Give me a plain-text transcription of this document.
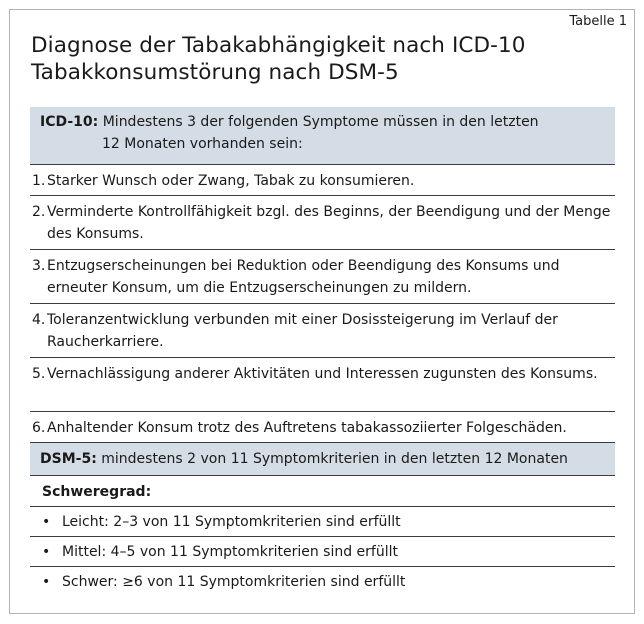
Tabelle 1
Diagnose der Tabakabhängigkeit nach ICD-10
Tabakkonsumstörung nach DSM-5
ICD-10: Mindestens 3 der folgenden Symptome müssen in den letzten
12 Monaten vorhanden sein:
1. Starker Wunsch oder Zwang, Tabak zu konsumieren.
2. Verminderte Kontrollfähigkeit bzgl. des Beginns, der Beendigung und der Menge des Konsums.
3. Entzugserscheinungen bei Reduktion oder Beendigung des Konsums und erneuter Konsum, um die Entzugserscheinungen zu mildern.
4. Toleranzentwicklung verbunden mit einer Dosissteigerung im Verlauf der Raucherkarriere.
5. Vernachlässigung anderer Aktivitäten und Interessen zugunsten des Konsums.
6. Anhaltender Konsum trotz des Auftretens tabakassoziierter Folgeschäden.
DSM-5: mindestens 2 von 11 Symptomkriterien in den letzten 12 Monaten
Schweregrad:
• Leicht: 2–3 von 11 Symptomkriterien sind erfüllt
• Mittel: 4–5 von 11 Symptomkriterien sind erfüllt
• Schwer: ≥6 von 11 Symptomkriterien sind erfüllt
